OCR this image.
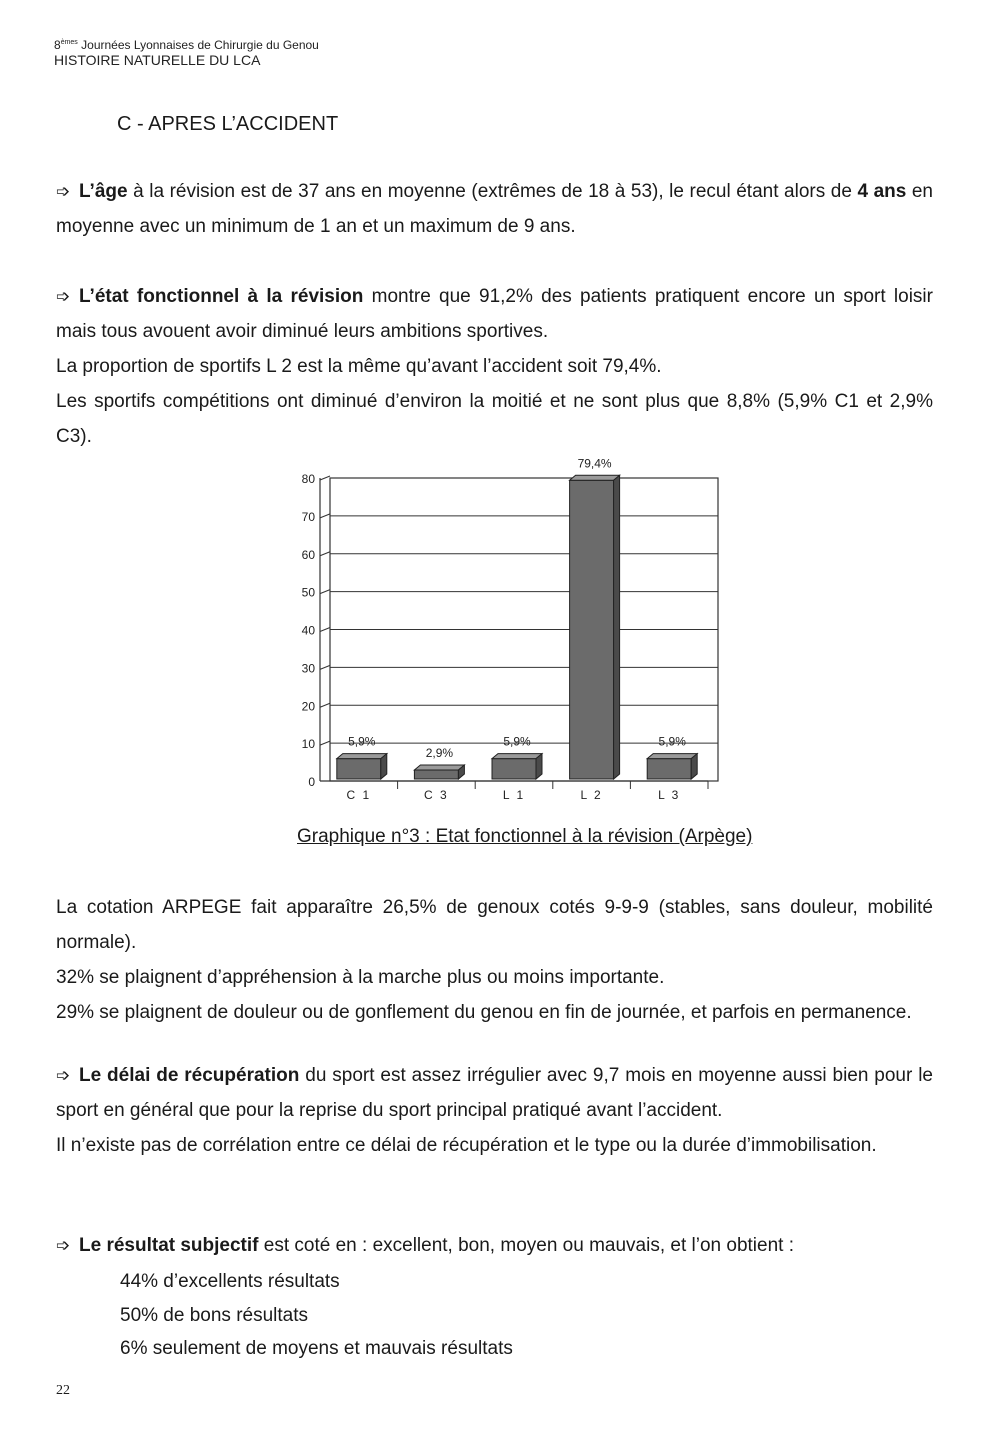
8èmes Journées Lyonnaises de Chirurgie du Genou
HISTOIRE NATURELLE DU LCA
C - APRES L’ACCIDENT
➩ L’âge à la révision est de 37 ans en moyenne (extrêmes de 18 à 53), le recul étant alors de 4 ans en moyenne avec un minimum de 1 an et un maximum de 9 ans.
➩ L’état fonctionnel à la révision montre que 91,2% des patients pratiquent encore un sport loisir mais tous avouent avoir diminué leurs ambitions sportives.
La proportion de sportifs L 2 est la même qu’avant l’accident soit 79,4%.
Les sportifs compétitions ont diminué d’environ la moitié et ne sont plus que 8,8% (5,9% C1 et 2,9% C3).
0
10
20
30
40
50
60
70
80
5,9%
2,9%
5,9%
79,4%
5,9%
C 1	C 3	L 1	L 2	L 3
Graphique n°3 : Etat fonctionnel à la révision (Arpège)
La cotation ARPEGE fait apparaître 26,5% de genoux cotés 9-9-9 (stables, sans douleur, mobilité normale).
32% se plaignent d’appréhension à la marche plus ou moins importante.
29% se plaignent de douleur ou de gonflement du genou en fin de journée, et parfois en permanence.
➩ Le délai de récupération du sport est assez irrégulier avec 9,7 mois en moyenne aussi bien pour le sport en général que pour la reprise du sport principal pratiqué avant l’accident.
Il n’existe pas de corrélation entre ce délai de récupération et le type ou la durée d’immobilisation.
➩ Le résultat subjectif est coté en : excellent, bon, moyen ou mauvais, et l’on obtient :
44% d’excellents résultats
50% de bons résultats
6% seulement de moyens et mauvais résultats
22
